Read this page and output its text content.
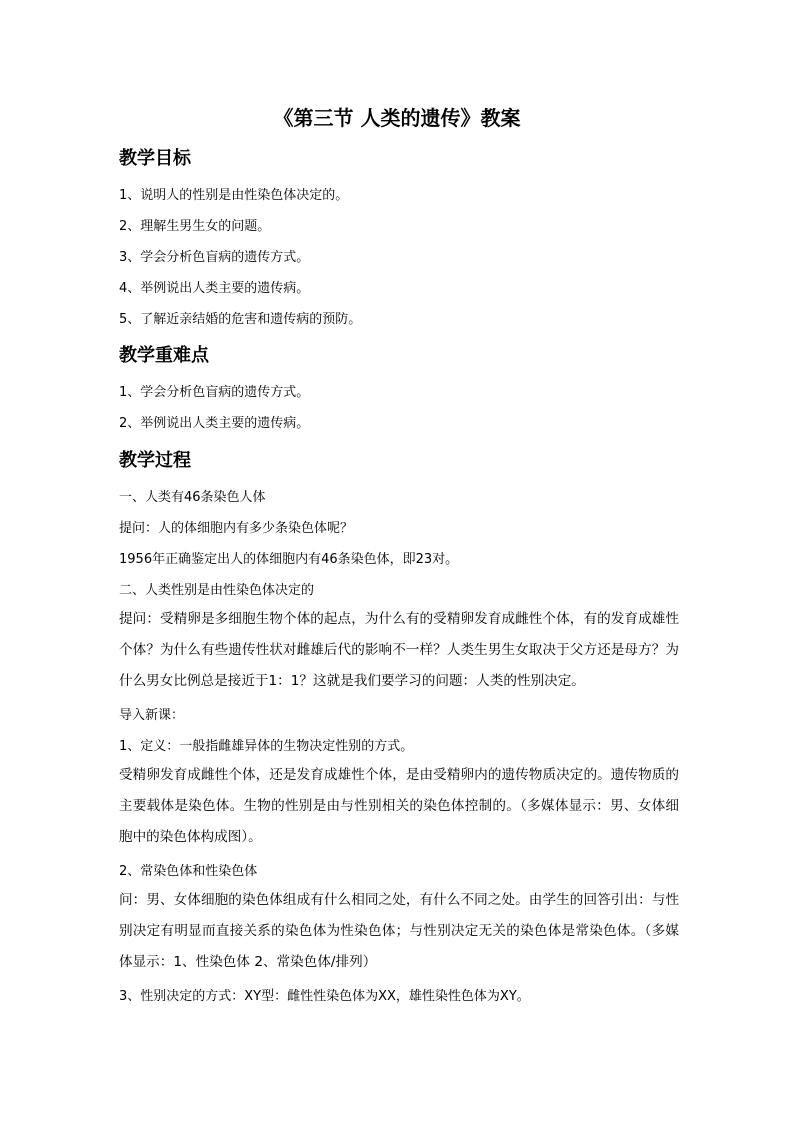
《第三节 人类的遗传》教案
教学目标
1、说明人的性别是由性染色体决定的。
2、理解生男生女的问题。
3、学会分析色盲病的遗传方式。
4、举例说出人类主要的遗传病。
5、了解近亲结婚的危害和遗传病的预防。
教学重难点
1、学会分析色盲病的遗传方式。
2、举例说出人类主要的遗传病。
教学过程
一、人类有46条染色人体
提问：人的体细胞内有多少条染色体呢？
1956年正确鉴定出人的体细胞内有46条染色体，即23对。
二、人类性别是由性染色体决定的
提问：受精卵是多细胞生物个体的起点，为什么有的受精卵发育成雌性个体，有的发育成雄性个体？为什么有些遗传性状对雌雄后代的影响不一样？人类生男生女取决于父方还是母方？为什么男女比例总是接近于1：1？这就是我们要学习的问题：人类的性别决定。
导入新课：
1、定义：一般指雌雄异体的生物决定性别的方式。
受精卵发育成雌性个体，还是发育成雄性个体，是由受精卵内的遗传物质决定的。遗传物质的主要载体是染色体。生物的性别是由与性别相关的染色体控制的。（多媒体显示：男、女体细胞中的染色体构成图）。
2、常染色体和性染色体
问：男、女体细胞的染色体组成有什么相同之处，有什么不同之处。由学生的回答引出：与性别决定有明显而直接关系的染色体为性染色体；与性别决定无关的染色体是常染色体。（多媒体显示：1、性染色体 2、常染色体/排列）
3、性别决定的方式：XY型：雌性性染色体为XX，雄性染性色体为XY。
